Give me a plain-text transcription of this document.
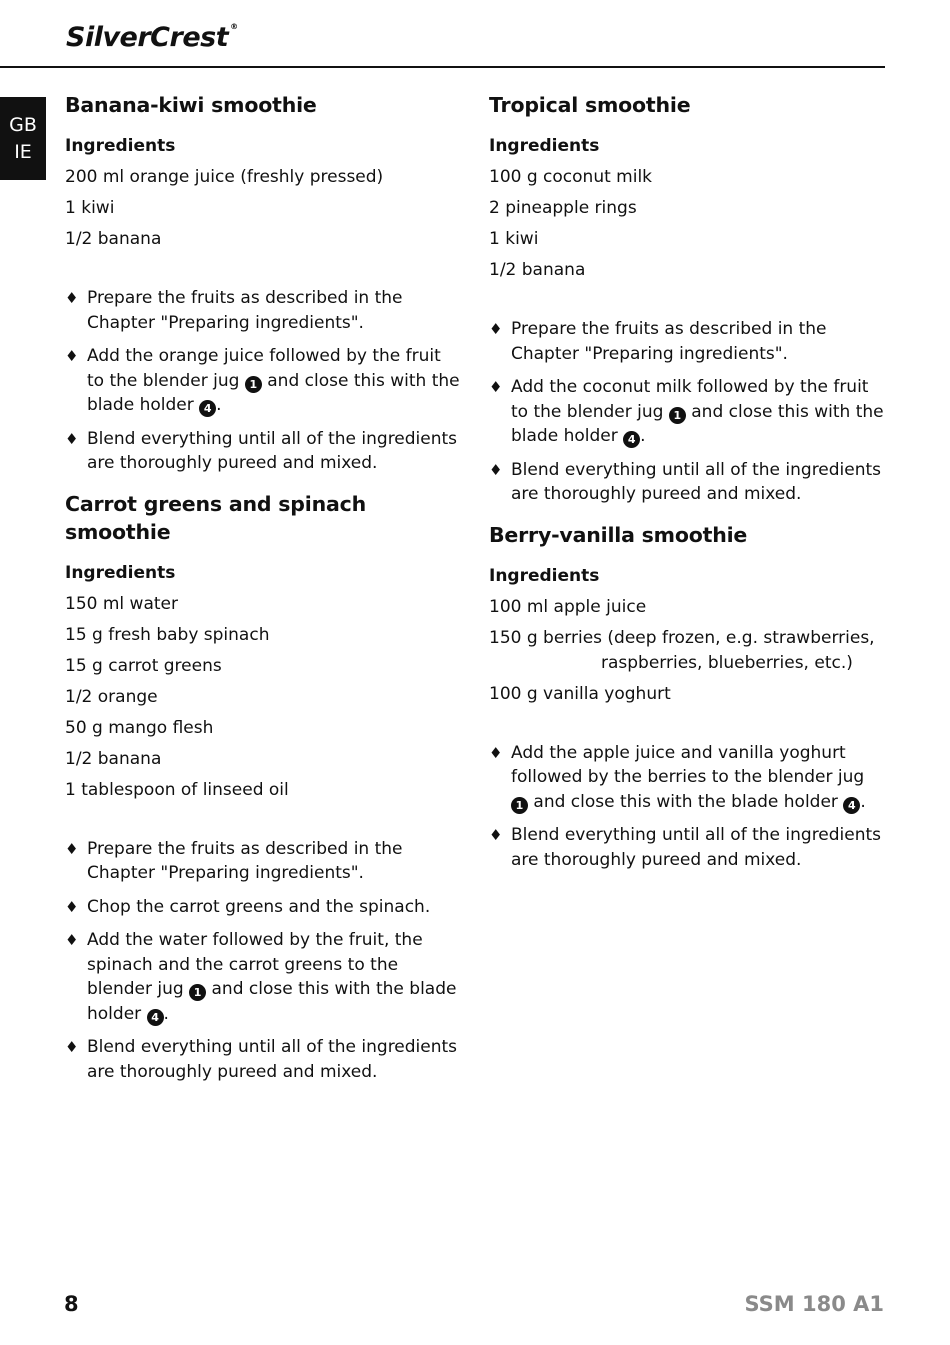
SilverCrest ®
GB
IE
Banana-kiwi smoothie
Ingredients
200 ml orange juice (freshly pressed)
1 kiwi
1/2 banana
♦ Prepare the fruits as described in the Chapter "Preparing ingredients".
♦ Add the orange juice followed by the fruit to the blender jug 1 and close this with the blade holder 4 .
♦ Blend everything until all of the ingredients are thoroughly pureed and mixed.
Carrot greens and spinach smoothie
Ingredients
150 ml water
15 g fresh baby spinach
15 g carrot greens
1/2 orange
50 g mango flesh
1/2 banana
1 tablespoon of linseed oil
♦ Prepare the fruits as described in the Chapter "Preparing ingredients".
♦ Chop the carrot greens and the spinach.
♦ Add the water followed by the fruit, the spinach and the carrot greens to the blender jug 1 and close this with the blade holder 4 .
♦ Blend everything until all of the ingredients are thoroughly pureed and mixed.
Tropical smoothie
Ingredients
100 g coconut milk
2 pineapple rings
1 kiwi
1/2 banana
♦ Prepare the fruits as described in the Chapter "Preparing ingredients".
♦ Add the coconut milk followed by the fruit to the blender jug 1 and close this with the blade holder 4 .
♦ Blend everything until all of the ingredients are thoroughly pureed and mixed.
Berry-vanilla smoothie
Ingredients
100 ml apple juice
150 g berries (deep frozen, e.g. strawberries,
raspberries, blueberries, etc.)
100 g vanilla yoghurt
♦ Add the apple juice and vanilla yoghurt followed by the berries to the blender jug 1 and close this with the blade holder 4 .
♦ Blend everything until all of the ingredients are thoroughly pureed and mixed.
8	SSM 180 A1
